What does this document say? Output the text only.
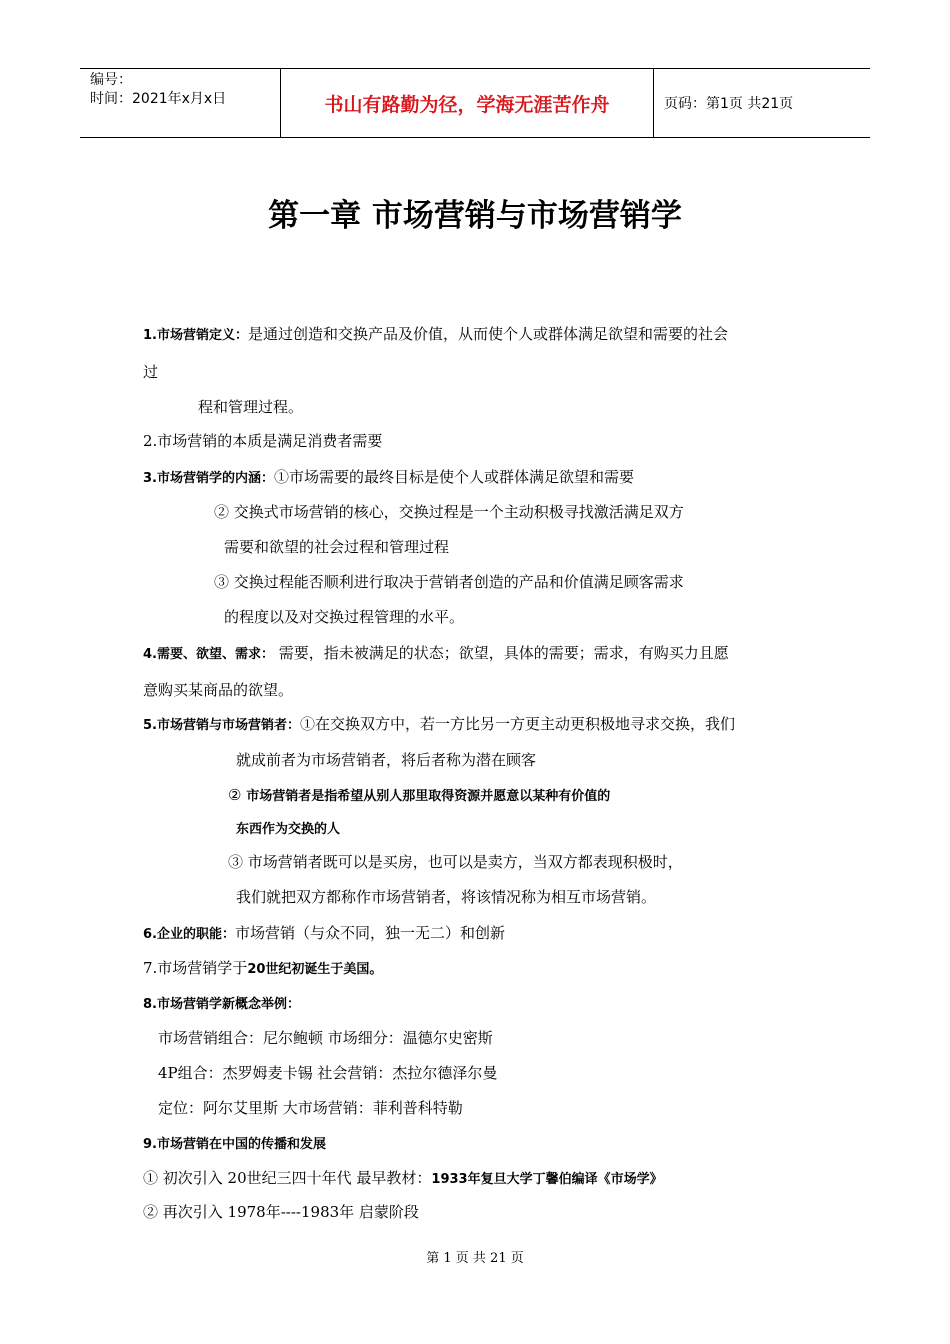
编号：
时间：2021年x月x日	书山有路勤为径，学海无涯苦作舟	页码：第1页 共21页
第一章 市场营销与市场营销学
1.市场营销定义：是通过创造和交换产品及价值，从而使个人或群体满足欲望和需要的社会
过
程和管理过程。
2.市场营销的本质是满足消费者需要
3.市场营销学的内涵：①市场需要的最终目标是使个人或群体满足欲望和需要
② 交换式市场营销的核心，交换过程是一个主动积极寻找激活满足双方
需要和欲望的社会过程和管理过程
③ 交换过程能否顺利进行取决于营销者创造的产品和价值满足顾客需求
的程度以及对交换过程管理的水平。
4.需要、欲望、需求： 需要，指未被满足的状态；欲望，具体的需要；需求，有购买力且愿
意购买某商品的欲望。
5.市场营销与市场营销者：①在交换双方中，若一方比另一方更主动更积极地寻求交换，我们
就成前者为市场营销者，将后者称为潜在顾客
② 市场营销者是指希望从别人那里取得资源并愿意以某种有价值的
东西作为交换的人
③ 市场营销者既可以是买房，也可以是卖方，当双方都表现积极时，
我们就把双方都称作市场营销者，将该情况称为相互市场营销。
6.企业的职能：市场营销（与众不同，独一无二）和创新
7.市场营销学于20世纪初诞生于美国。
8.市场营销学新概念举例：
市场营销组合：尼尔鲍顿 市场细分：温德尔史密斯
4P组合：杰罗姆麦卡锡 社会营销：杰拉尔德泽尔曼
定位：阿尔艾里斯 大市场营销：菲利普科特勒
9.市场营销在中国的传播和发展
① 初次引入 20世纪三四十年代 最早教材：1933年复旦大学丁馨伯编译《市场学》
② 再次引入 1978年----1983年 启蒙阶段
第 1 页 共 21 页
